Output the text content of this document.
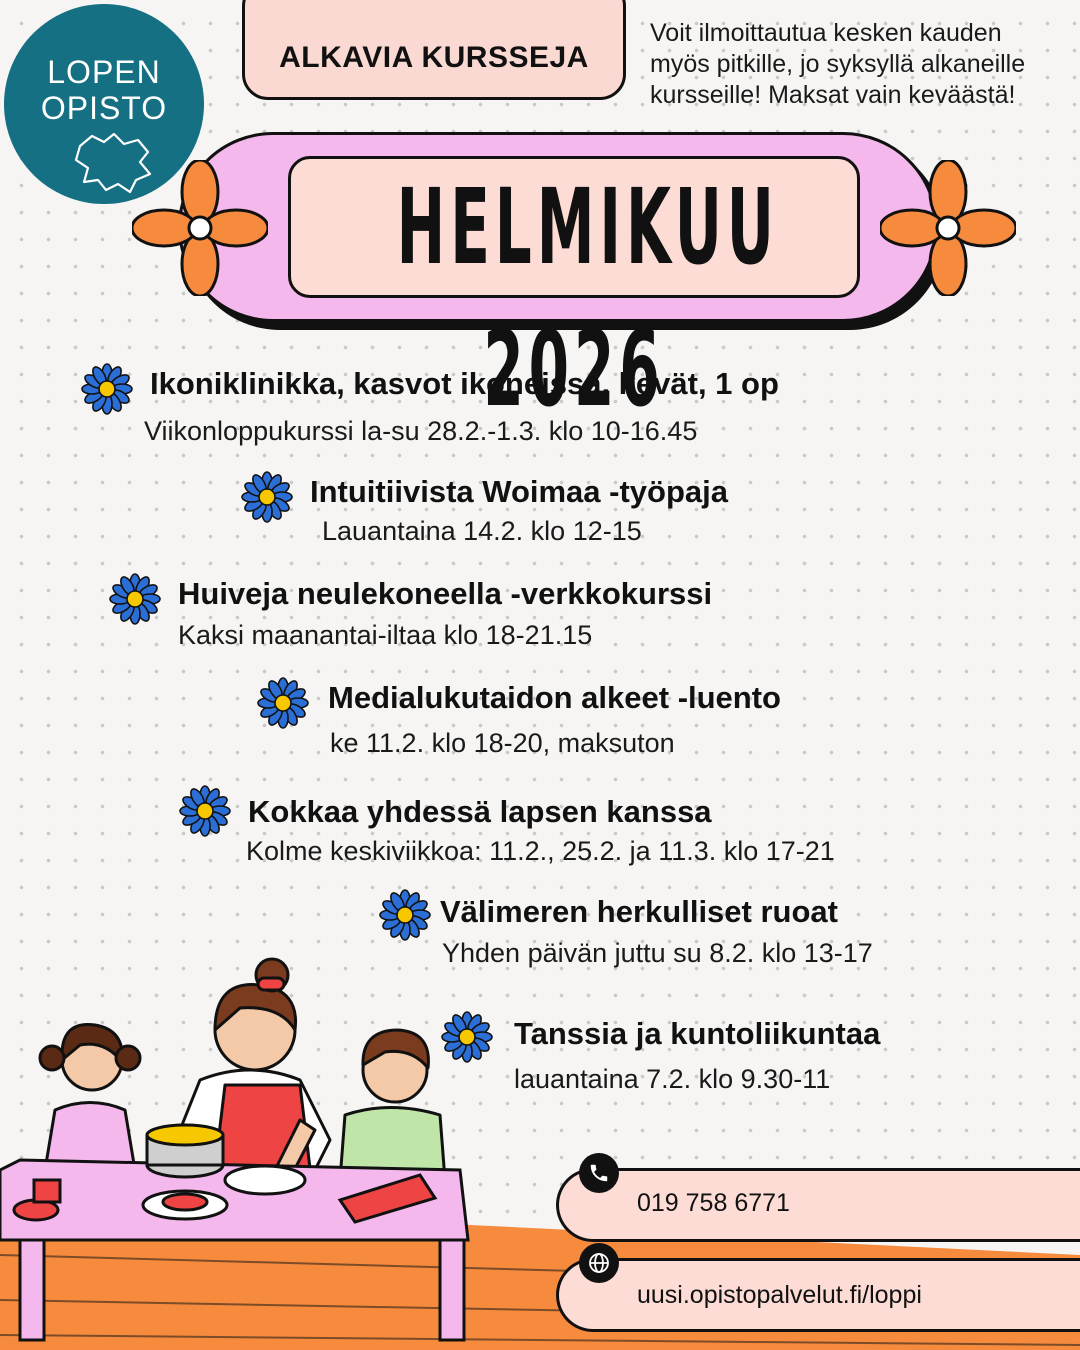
LOPEN
OPISTO
ALKAVIA KURSSEJA
Voit ilmoittautua kesken kauden
myös pitkille, jo syksyllä alkaneille
kursseille! Maksat vain keväästä!
HELMIKUU 2026
Ikoniklinikka, kasvot ikoneissa, kevät, 1 op
Viikonloppukurssi la-su 28.2.-1.3. klo 10-16.45
Intuitiivista Woimaa -työpaja
Lauantaina 14.2. klo 12-15
Huiveja neulekoneella -verkkokurssi
Kaksi maanantai-iltaa klo 18-21.15
Medialukutaidon alkeet -luento
ke 11.2. klo 18-20, maksuton
Kokkaa yhdessä lapsen kanssa
Kolme keskiviikkoa: 11.2., 25.2. ja 11.3. klo 17-21
Välimeren herkulliset ruoat
Yhden päivän juttu su 8.2. klo 13-17
Tanssia ja kuntoliikuntaa
lauantaina 7.2. klo 9.30-11
019 758 6771
uusi.opistopalvelut.fi/loppi
